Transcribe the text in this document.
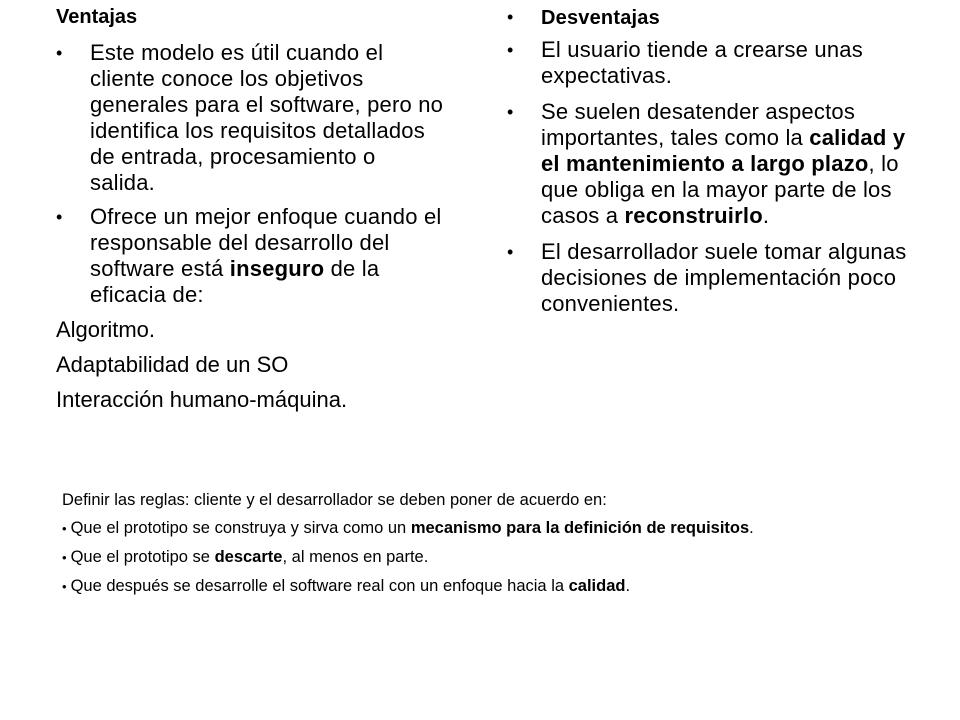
Ventajas
• Este modelo es útil cuando el cliente conoce los objetivos generales para el software, pero no identifica los requisitos detallados de entrada, procesamiento o salida.
• Ofrece un mejor enfoque cuando el responsable del desarrollo del software está inseguro de la eficacia de:
Algoritmo.
Adaptabilidad de un SO
Interacción humano-máquina.
• Desventajas
• El usuario tiende a crearse unas expectativas.
• Se suelen desatender aspectos importantes, tales como la calidad y el mantenimiento a largo plazo, lo que obliga en la mayor parte de los casos a reconstruirlo.
• El desarrollador suele tomar algunas decisiones de implementación poco convenientes.
Definir las reglas: cliente y el desarrollador se deben poner de acuerdo en:
• Que el prototipo se construya y sirva como un mecanismo para la definición de requisitos.
• Que el prototipo se descarte, al menos en parte.
• Que después se desarrolle el software real con un enfoque hacia la calidad.
